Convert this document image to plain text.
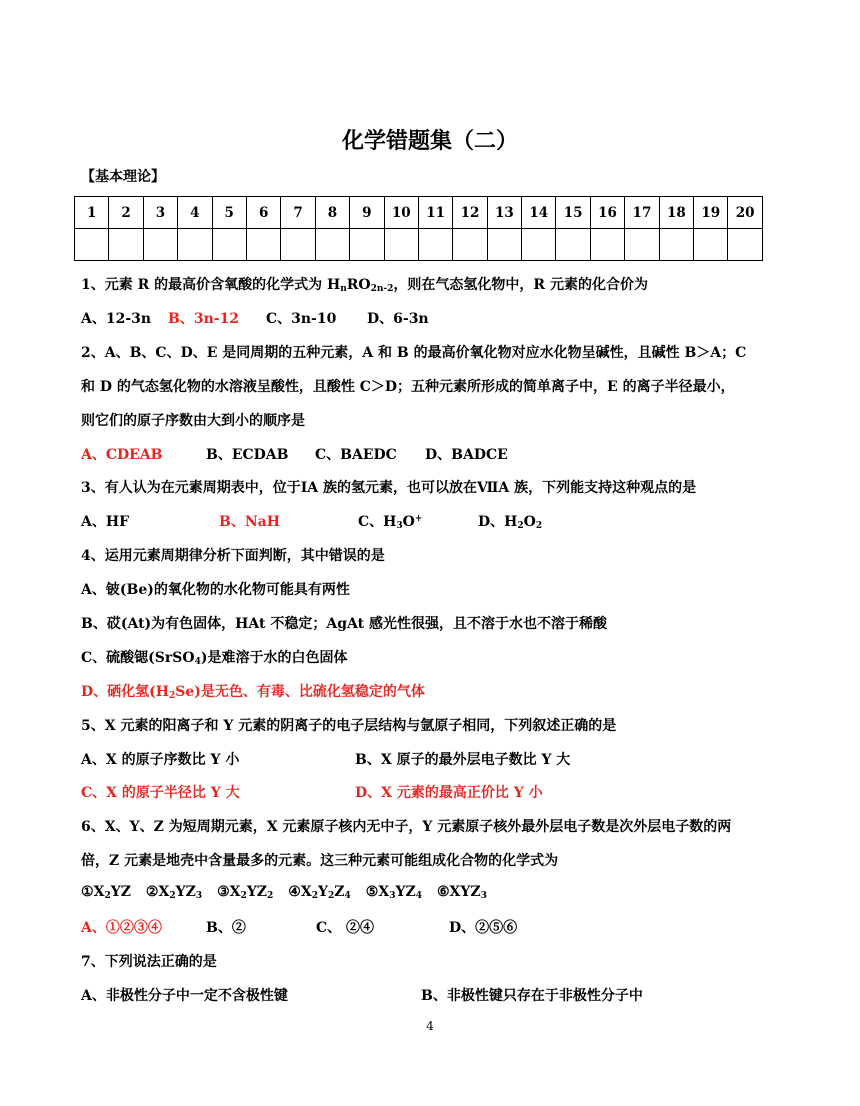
化学错题集（二）
【基本理论】
1	2	3	4	5	6	7	8	9	10	11	12	13	14	15	16	17	18	19	20

1、元素 R 的最高价含氧酸的化学式为 $H_nRO_{2n-2}$，则在气态氢化物中，R 元素的化合价为
A、12-3n B、3n-12 C、3n-10 D、6-3n
2、A、B、C、D、E 是同周期的五种元素，A 和 B 的最高价氧化物对应水化物呈碱性，且碱性 B＞A；C
和 D 的气态氢化物的水溶液呈酸性，且酸性 C＞D；五种元素所形成的简单离子中，E 的离子半径最小，
则它们的原子序数由大到小的顺序是
A、CDEAB	B、ECDAB C、BAEDC D、BADCE
3、有人认为在元素周期表中，位于ⅠA 族的氢元素，也可以放在ⅦA 族，下列能支持这种观点的是
A、HF	B、NaH	C、$H_3O^+$	D、$H_2O_2$
4、运用元素周期律分析下面判断，其中错误的是
A、铍(Be)的氧化物的水化物可能具有两性
B、砹(At)为有色固体，HAt 不稳定；AgAt 感光性很强，且不溶于水也不溶于稀酸
C、硫酸锶(SrSO$_4$)是难溶于水的白色固体
D、硒化氢$(H_2Se)$是无色、有毒、比硫化氢稳定的气体
5、X 元素的阳离子和 Y 元素的阴离子的电子层结构与氩原子相同，下列叙述正确的是
A、X 的原子序数比 Y 小	B、X 原子的最外层电子数比 Y 大
C、X 的原子半径比 Y 大	D、X 元素的最高正价比 Y 小
6、X、Y、Z 为短周期元素，X 元素原子核内无中子，Y 元素原子核外最外层电子数是次外层电子数的两
倍，Z 元素是地壳中含量最多的元素。这三种元素可能组成化合物的化学式为
$①X_2YZ$ $②X_2YZ_3$ $③X_2YZ_2$ $④X_2Y_2Z_4$ $⑤X_3YZ_4$ $⑥XYZ_3$
A、①②③④	B、②	C、 ②④	D、②⑤⑥
7、下列说法正确的是
A、非极性分子中一定不含极性键	B、非极性键只存在于非极性分子中
4
